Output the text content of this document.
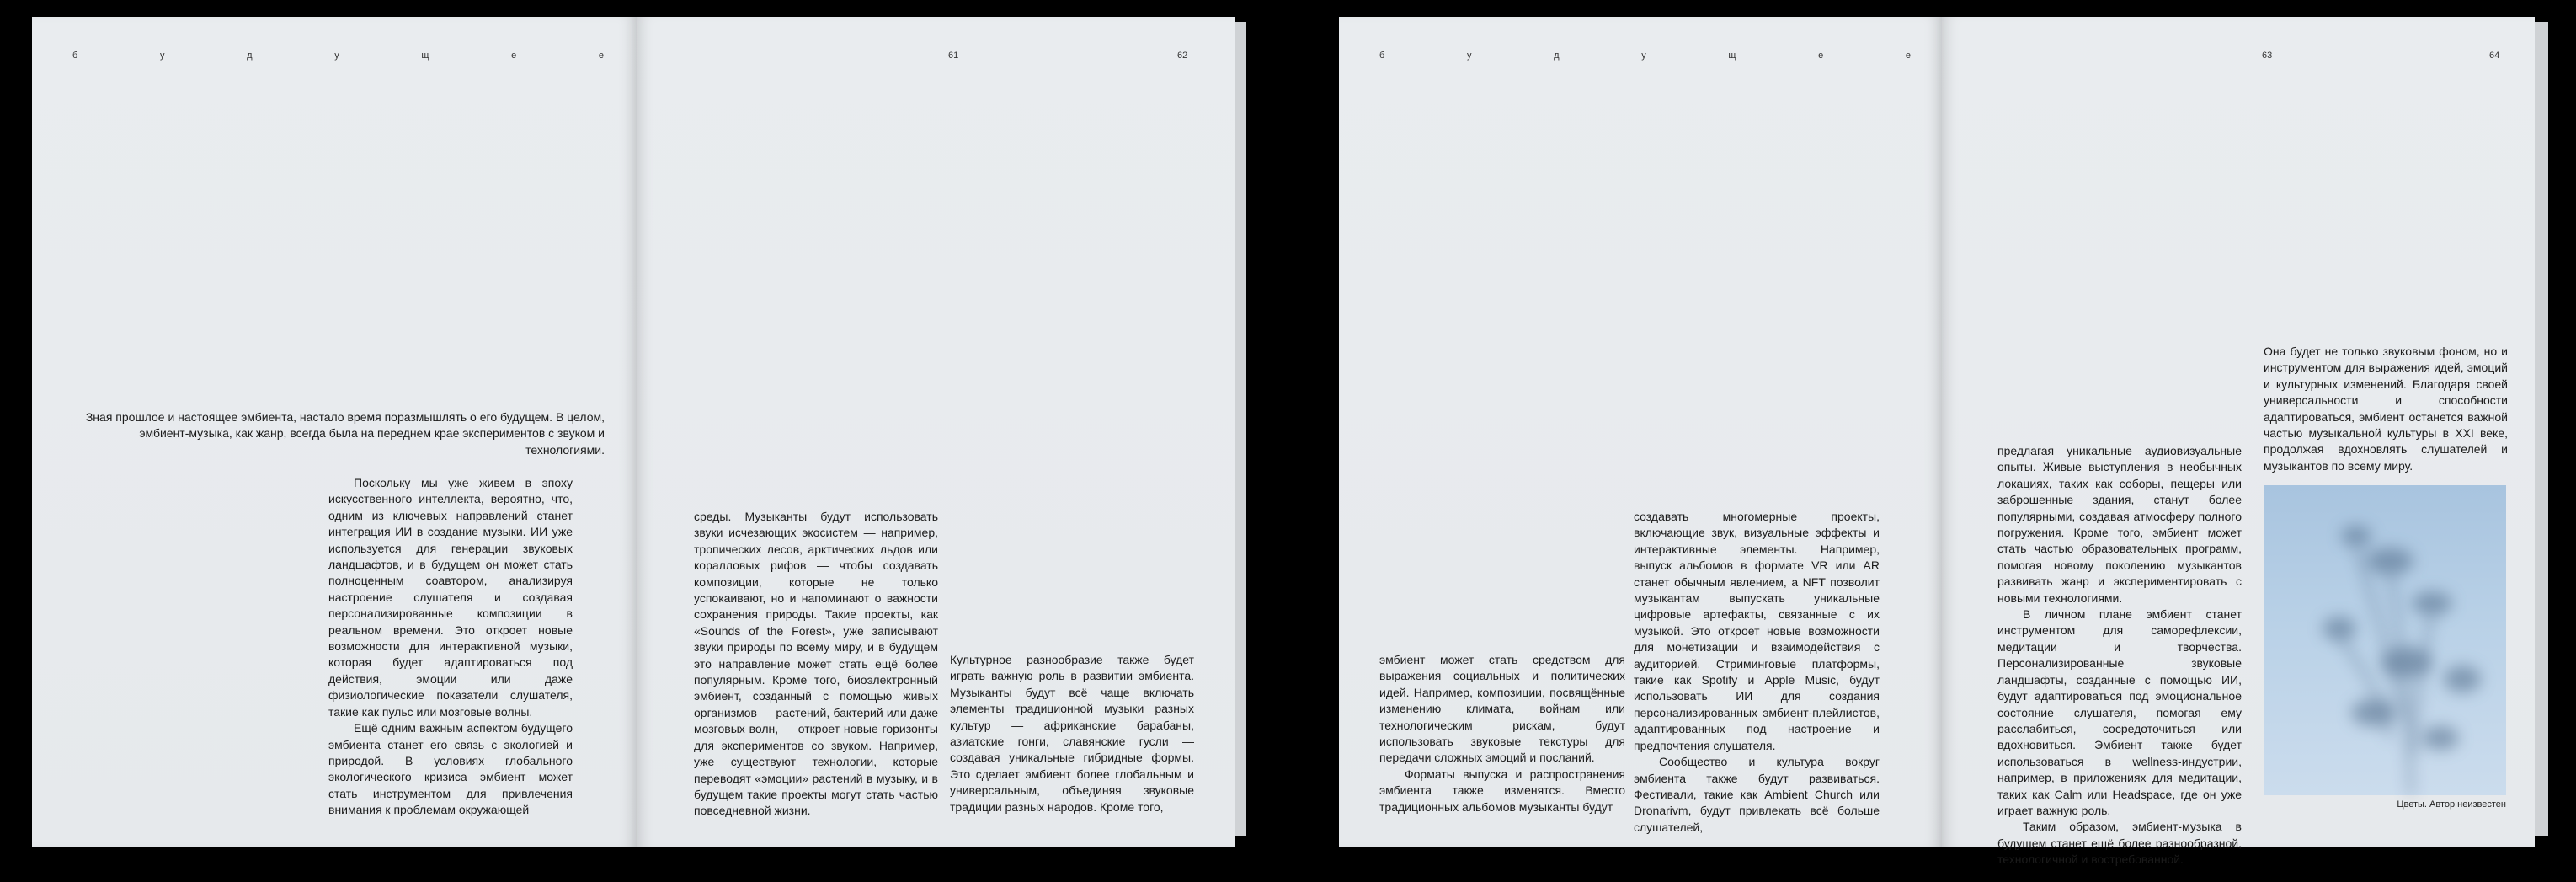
б	у	д	у	щ	е	е

Зная прошлое и настоящее эмбиента, настало время поразмышлять о его будущем. В целом, эмбиент-музыка, как жанр, всегда была на переднем крае экспериментов с звуком и технологиями.

Поскольку мы уже живем в эпоху искусственного интеллекта, вероятно, что, одним из ключевых направлений станет интеграция ИИ в создание музыки. ИИ уже используется для генерации звуковых ландшафтов, и в будущем он может стать полноценным соавтором, анализируя настроение слушателя и создавая персонализированные композиции в реальном времени. Это откроет новые возможности для интерактивной музыки, которая будет адаптироваться под действия, эмоции или даже физиологические показатели слушателя, такие как пульс или мозговые волны.

Ещё одним важным аспектом будущего эмбиента станет его связь с экологией и природой. В условиях глобального экологического кризиса эмбиент может стать инструментом для привлечения внимания к проблемам окружающей

61	62

среды. Музыканты будут использовать звуки исчезающих экосистем — например, тропических лесов, арктических льдов или коралловых рифов — чтобы создавать композиции, которые не только успокаивают, но и напоминают о важности сохранения природы. Такие проекты, как «Sounds of the Forest», уже записывают звуки природы по всему миру, и в будущем это направление может стать ещё более популярным. Кроме того, биоэлектронный эмбиент, созданный с помощью живых организмов — растений, бактерий или даже мозговых волн, — откроет новые горизонты для экспериментов со звуком. Например, уже существуют технологии, которые переводят «эмоции» растений в музыку, и в будущем такие проекты могут стать частью повседневной жизни.

Культурное разнообразие также будет играть важную роль в развитии эмбиента. Музыканты будут всё чаще включать элементы традиционной музыки разных культур — африканские барабаны, азиатские гонги, славянские гусли — создавая уникальные гибридные формы. Это сделает эмбиент более глобальным и универсальным, объединяя звуковые традиции разных народов. Кроме того,

б	у	д	у	щ	е	е

эмбиент может стать средством для выражения социальных и политических идей. Например, композиции, посвящённые изменению климата, войнам или технологическим рискам, будут использовать звуковые текстуры для передачи сложных эмоций и посланий.

Форматы выпуска и распространения эмбиента также изменятся. Вместо традиционных альбомов музыканты будут

создавать многомерные проекты, включающие звук, визуальные эффекты и интерактивные элементы. Например, выпуск альбомов в формате VR или AR станет обычным явлением, а NFT позволит музыкантам выпускать уникальные цифровые артефакты, связанные с их музыкой. Это откроет новые возможности для монетизации и взаимодействия с аудиторией. Стриминговые платформы, такие как Spotify и Apple Music, будут использовать ИИ для создания персонализированных эмбиент-плейлистов, адаптированных под настроение и предпочтения слушателя.

Сообщество и культура вокруг эмбиента также будут развиваться. Фестивали, такие как Ambient Church или Dronarivm, будут привлекать всё больше слушателей,

63	64

предлагая уникальные аудиовизуальные опыты. Живые выступления в необычных локациях, таких как соборы, пещеры или заброшенные здания, станут более популярными, создавая атмосферу полного погружения. Кроме того, эмбиент может стать частью образовательных программ, помогая новому поколению музыкантов развивать жанр и экспериментировать с новыми технологиями.

В личном плане эмбиент станет инструментом для саморефлексии, медитации и творчества. Персонализированные звуковые ландшафты, созданные с помощью ИИ, будут адаптироваться под эмоциональное состояние слушателя, помогая ему расслабиться, сосредоточиться или вдохновиться. Эмбиент также будет использоваться в wellness-индустрии, например, в приложениях для медитации, таких как Calm или Headspace, где он уже играет важную роль.

Таким образом, эмбиент-музыка в будущем станет ещё более разнообразной, технологичной и востребованной.

Она будет не только звуковым фоном, но и инструментом для выражения идей, эмоций и культурных изменений. Благодаря своей универсальности и способности адаптироваться, эмбиент останется важной частью музыкальной культуры в XXI веке, продолжая вдохновлять слушателей и музыкантов по всему миру.

Цветы. Автор неизвестен
